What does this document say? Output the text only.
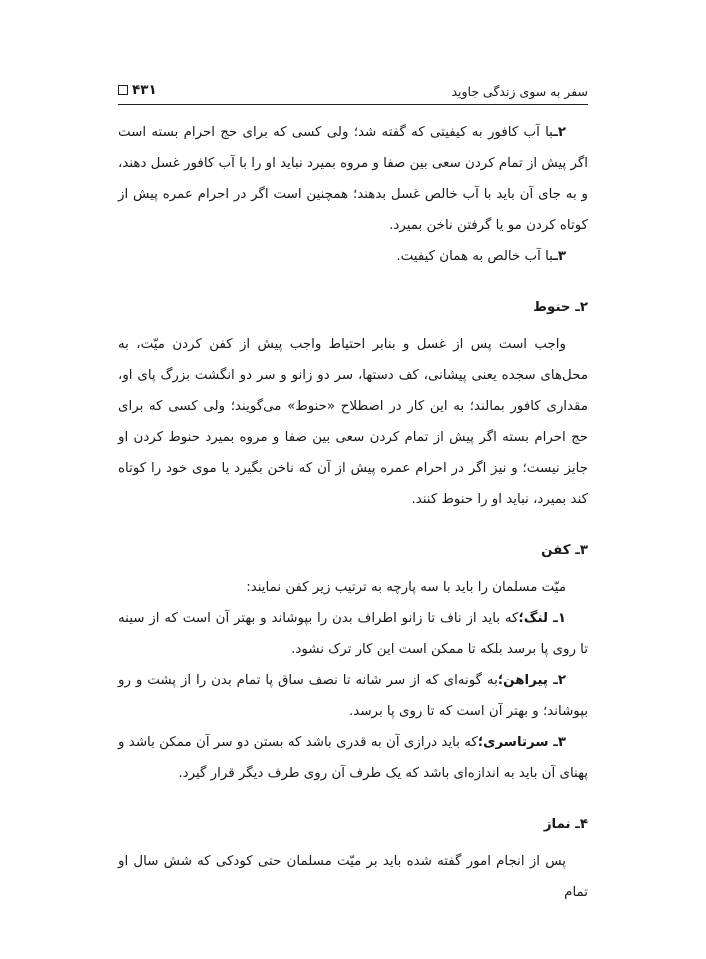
سفر به سوی زندگی جاوید
۴۳۱

۲ـبا آب کافور به کیفیتی که گفته شد؛ ولی کسی که برای حج احرام بسته است اگر پیش از تمام کردن سعی بین صفا و مروه بمیرد نباید او را با آب کافور غسل دهند، و به جای آن باید با آب خالص غسل بدهند؛ همچنین است اگر در احرام عمره پیش از کوتاه کردن مو یا گرفتن ناخن بمیرد.

۳ـبا آب خالص به همان کیفیت.

۲ـ حنوط

واجب است پس از غسل و بنابر احتیاط واجب پیش از کفن کردن میّت، به محل‌های سجده یعنی پیشانی، کف دستها، سر دو زانو و سر دو انگشت بزرگ پای او، مقداری کافور بمالند؛ به این کار در اصطلاح «حنوط» می‌گویند؛ ولی کسی که برای حج احرام بسته اگر پیش از تمام کردن سعی بین صفا و مروه بمیرد حنوط کردن او جایز نیست؛ و نیز اگر در احرام عمره پیش از آن که ناخن بگیرد یا موی خود را کوتاه کند بمیرد، نباید او را حنوط کنند.

۳ـ کفن

میّت مسلمان را باید با سه پارچه به ترتیب زیر کفن نمایند:

۱ـ لنگ؛که باید از ناف تا زانو اطراف بدن را بپوشاند و بهتر آن است که از سینه تا روی پا برسد بلکه تا ممکن است این کار ترک نشود.

۲ـ پیراهن؛به گونه‌ای که از سر شانه تا نصف ساق پا تمام بدن را از پشت و رو بپوشاند؛ و بهتر آن است که تا روی پا برسد.

۳ـ سرتاسری؛که باید درازی آن به قدری باشد که بستن دو سر آن ممکن باشد و پهنای آن باید به اندازه‌ای باشد که یک طرف آن روی طرف دیگر قرار گیرد.

۴ـ نماز

پس از انجام امور گفته شده باید بر میّت مسلمان حتی کودکی که شش سال او تمام
